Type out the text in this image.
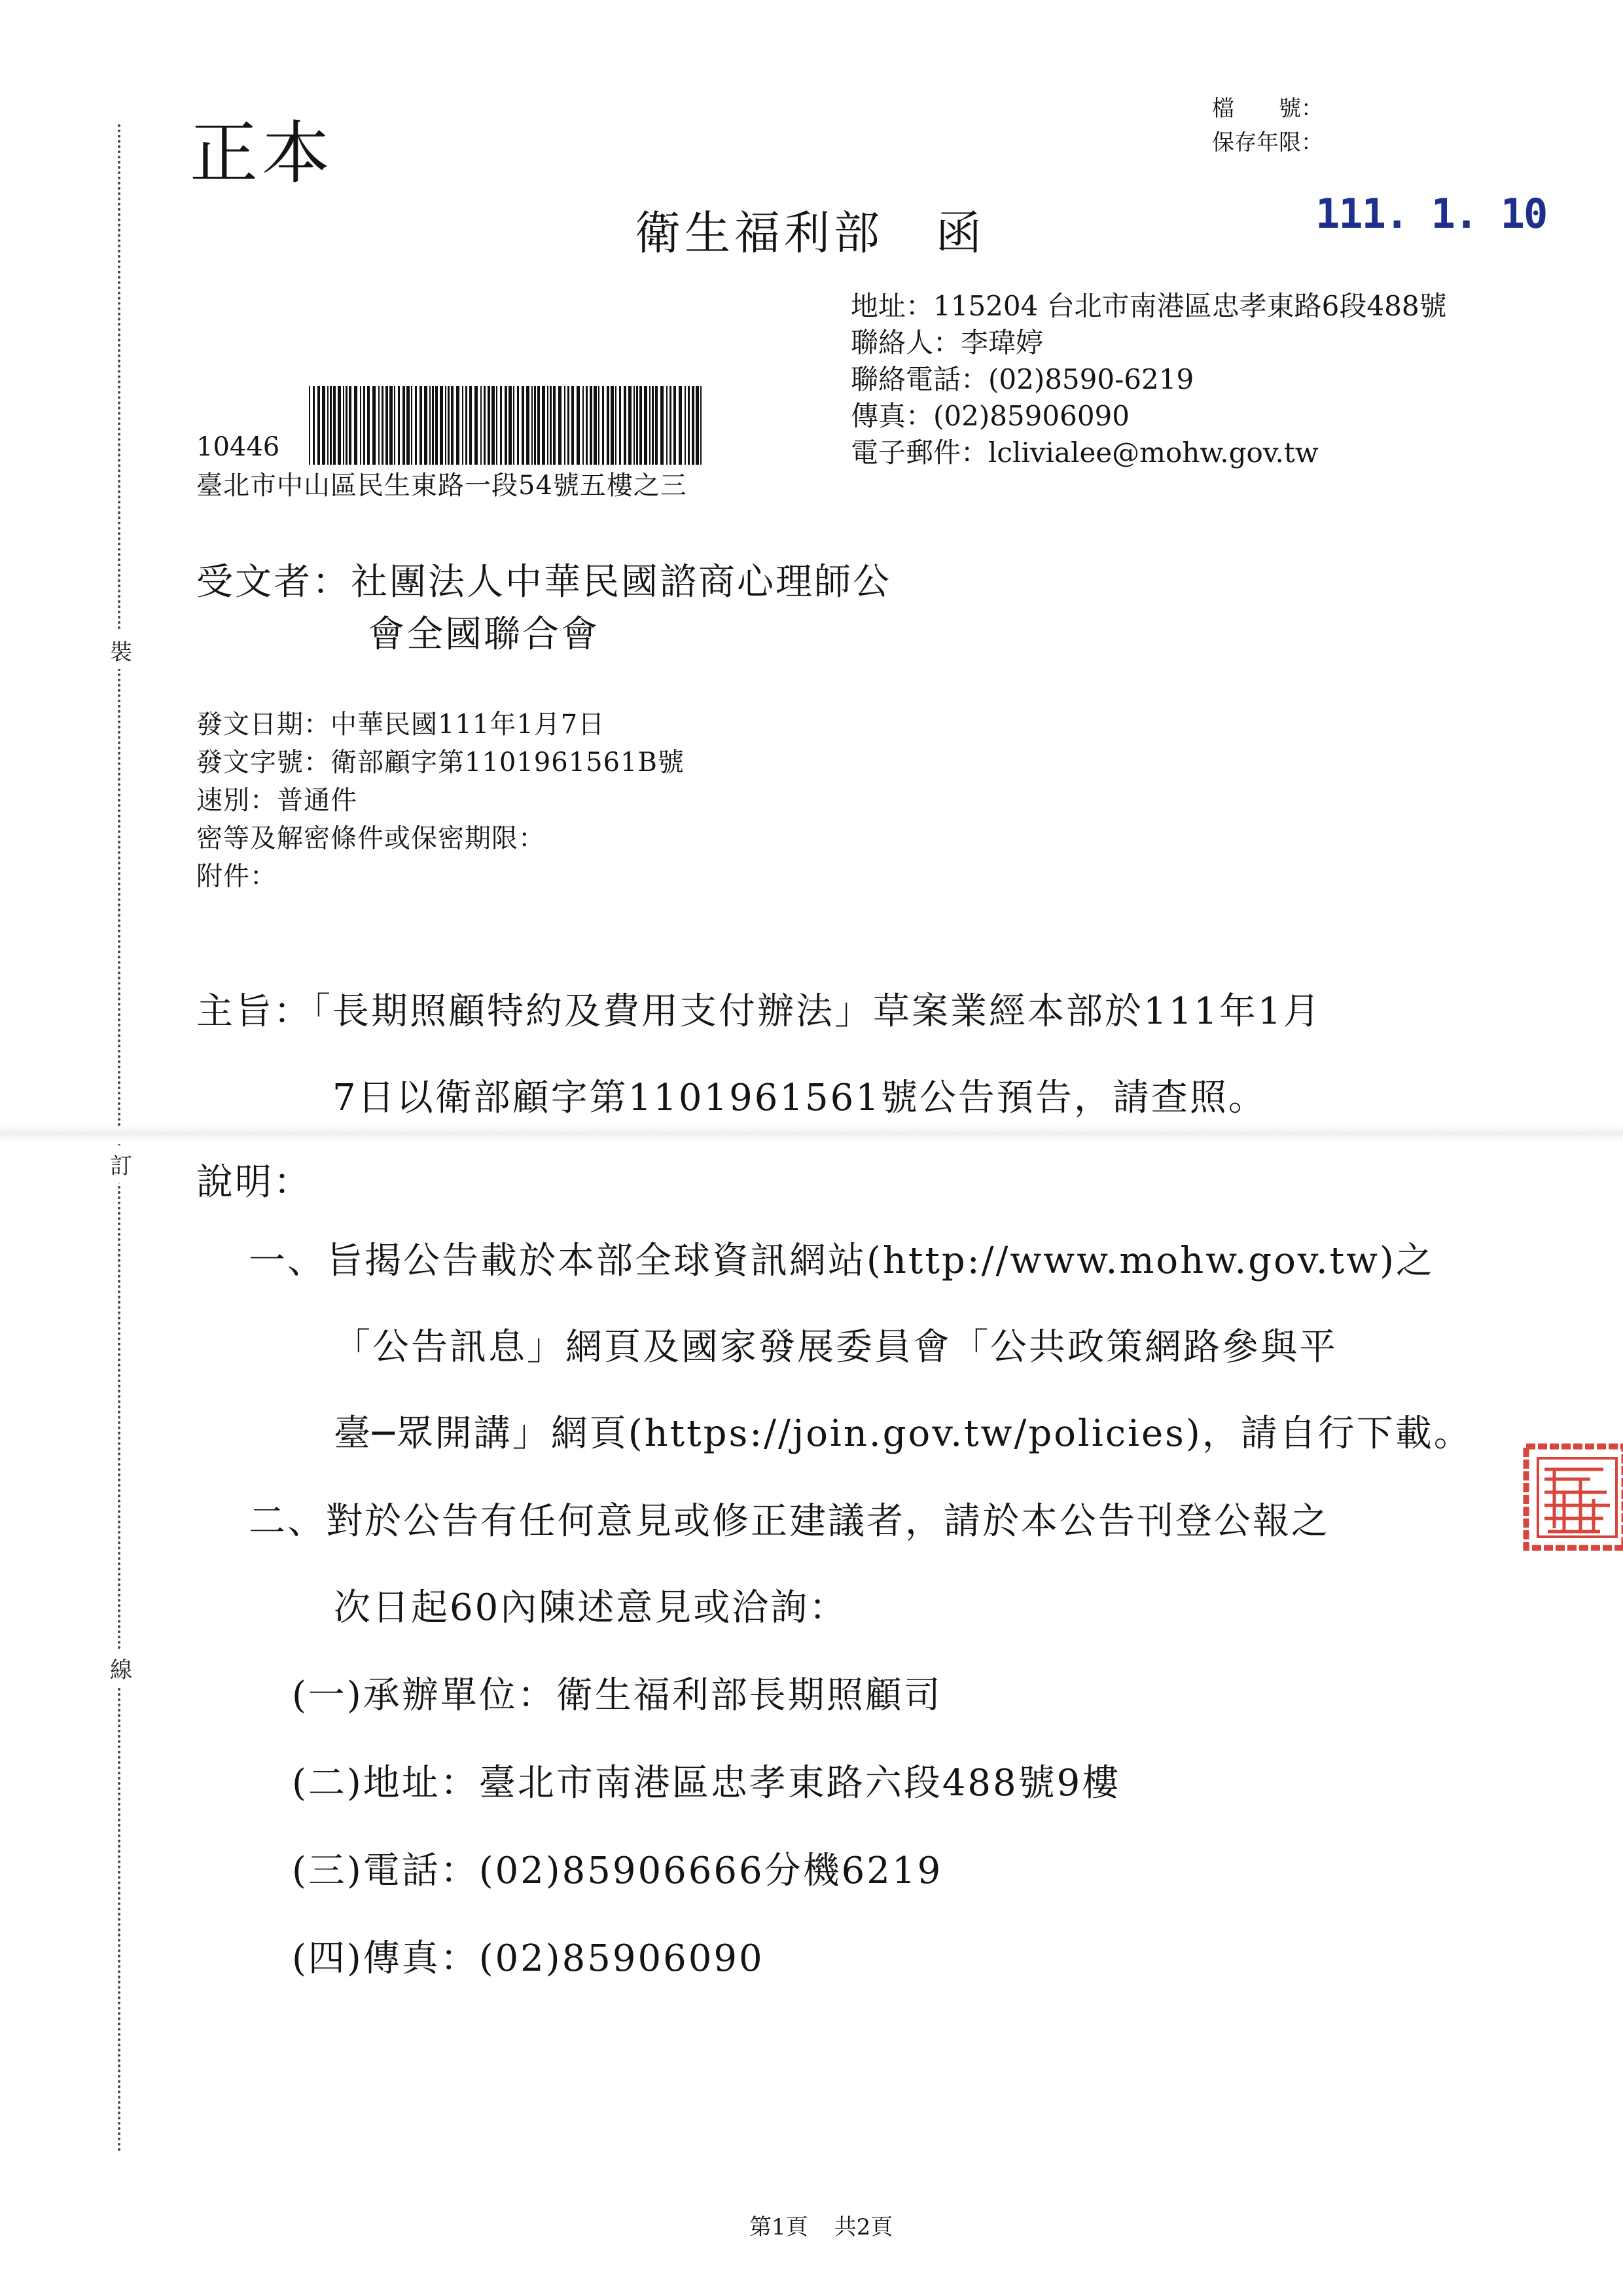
裝
訂
線
正本
檔　　號：
保存年限：
衛生福利部 函	111. 1. 10
地址：115204 台北市南港區忠孝東路6段488號
聯絡人：李瑋婷
聯絡電話：(02)8590-6219
傳真：(02)85906090
電子郵件：lclivialee@mohw.gov.tw
10446
臺北市中山區民生東路一段54號五樓之三
受文者：社團法人中華民國諮商心理師公
會全國聯合會
發文日期：中華民國111年1月7日
發文字號：衛部顧字第1101961561B號
速別：普通件
密等及解密條件或保密期限：
附件：
主旨：「長期照顧特約及費用支付辦法」草案業經本部於111年1月
7日以衛部顧字第1101961561號公告預告，請查照。
說明：
一、旨揭公告載於本部全球資訊網站(http://www.mohw.gov.tw)之
「公告訊息」網頁及國家發展委員會「公共政策網路參與平
臺─眾開講」網頁(https://join.gov.tw/policies)，請自行下載。
二、對於公告有任何意見或修正建議者，請於本公告刊登公報之
次日起60內陳述意見或洽詢：
(一)承辦單位：衛生福利部長期照顧司
(二)地址：臺北市南港區忠孝東路六段488號9樓
(三)電話：(02)85906666分機6219
(四)傳真：(02)85906090
第1頁 共2頁
